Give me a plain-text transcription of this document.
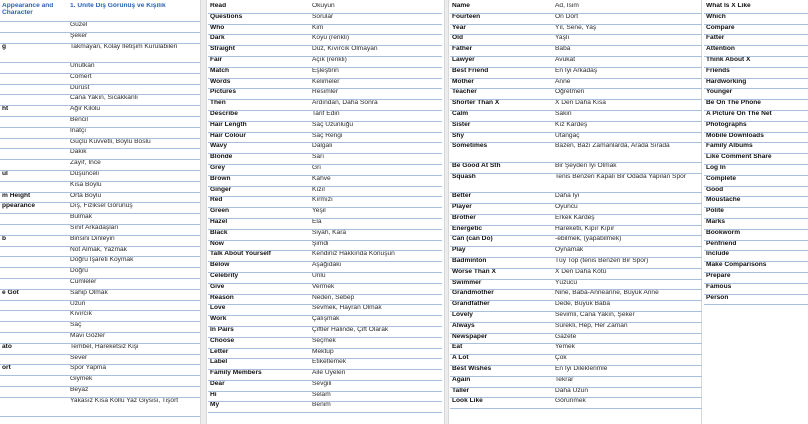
Appearance and Character	1. Ünite Dış Görünüş ve Kişilik
	Güzel
	Şeker
g	Takmayan, Kolay İletişim Kurulabilen
	Unutkan
	Cömert
	Dürüst
	Cana Yakın, Sıcakkanlı
ht	Ağır Kilolu
	Bencil
	İnatçı
	Güçlü Kuvvetli, Boylu Boslu
	Dakik
	Zayıf, İnce
ul	Düşünceli
	Kısa Boylu
m Height	Orta Boylu
ppearance	Dış, Fiziksel Görünüş
	Bulmak
	Sınıf Arkadaşları
b	Birisini Dinleyin
	Not Almak, Yazmak
	Doğru İşareti Koymak
	Doğru
	Cümleler
e Got	Sahip Olmak
	Uzun
	Kıvırcık
	Saç
	Mavi Gözler
ato	Tembel, Hareketsiz Kişi
	Sever
ort	Spor Yapma
	Giymek
	Beyaz
	Yakasız Kısa Kollu Yaz Giysisi, Tişört
Read	Okuyun
Questions	Sorular
Who	Kim
Dark	Koyu (renkli)
Straight	Düz, Kıvırcık Olmayan
Fair	Açık (renkli)
Match	Eşleştirin
Words	Kelimeler
Pictures	Resimler
Then	Ardından, Daha Sonra
Describe	Tarif Edin
Hair Length	Saç Uzunluğu
Hair Colour	Saç Rengi
Wavy	Dalgalı
Blonde	Sarı
Grey	Gri
Brown	Kahve
Ginger	Kızıl
Red	Kırmızı
Green	Yeşil
Hazel	Ela
Black	Siyah, Kara
Now	Şimdi
Talk About Yourself	Kendiniz Hakkında Konuşun
Below	Aşağıdaki
Celebrity	Ünlü
Give	Vermek
Reason	Neden, Sebep
Love	Sevmek, Hayran Olmak
Work	Çalışmak
In Pairs	Çiftler Halinde, Çift Olarak
Choose	Seçmek
Letter	Mektup
Label	Etiketlemek
Family Members	Aile Üyeleri
Dear	Sevgili
Hi	Selam
My	Benim
Name	Ad, İsim
Fourteen	On Dört
Year	Yıl, Sene, Yaş
Old	Yaşlı
Father	Baba
Lawyer	Avukat
Best Friend	En İyi Arkadaş
Mother	Anne
Teacher	Öğretmen
Shorter Than X	X Den Daha Kısa
Calm	Sakin
Sister	Kız Kardeş
Shy	Utangaç
Sometimes	Bazen, Bazı Zamanlarda, Arada Sırada
Be Good At Sth	Bir Şeyden İyi Olmak
Squash	Tenis Benzeri Kapalı Bir Odada Yapılan Spor
Better	Daha İyi
Player	Oyuncu
Brother	Erkek Kardeş
Energetic	Hareketli, Kıpır Kıpır
Can (can Do)	-ebilmek, (yapabilmek)
Play	Oynamak
Badminton	Tüy Top (tenis Benzeri Bir Spor)
Worse Than X	X Den Daha Kötü
Swimmer	Yüzücü
Grandmother	Nine, Baba-Anneanne, Büyük Anne
Grandfather	Dede, Büyük Baba
Lovely	Sevimli, Cana Yakın, Şeker
Always	Sürekli, Hep, Her Zaman
Newspaper	Gazete
Eat	Yemek
A Lot	Çok
Best Wishes	En İyi Dileklerimle
Again	Tekrar
Taller	Daha Uzun
Look Like	Görünmek
What Is X Like
Which
Compare
Fatter
Attention
Think About X
Friends
Hardworking
Younger
Be On The Phone
A Picture On The Net
Photographs
Mobile Downloads
Family Albums
Like Comment Share
Log In
Complete
Good
Moustache
Polite
Marks
Bookworm
Penfriend
Include
Make Comparisons
Prepare
Famous
Person
